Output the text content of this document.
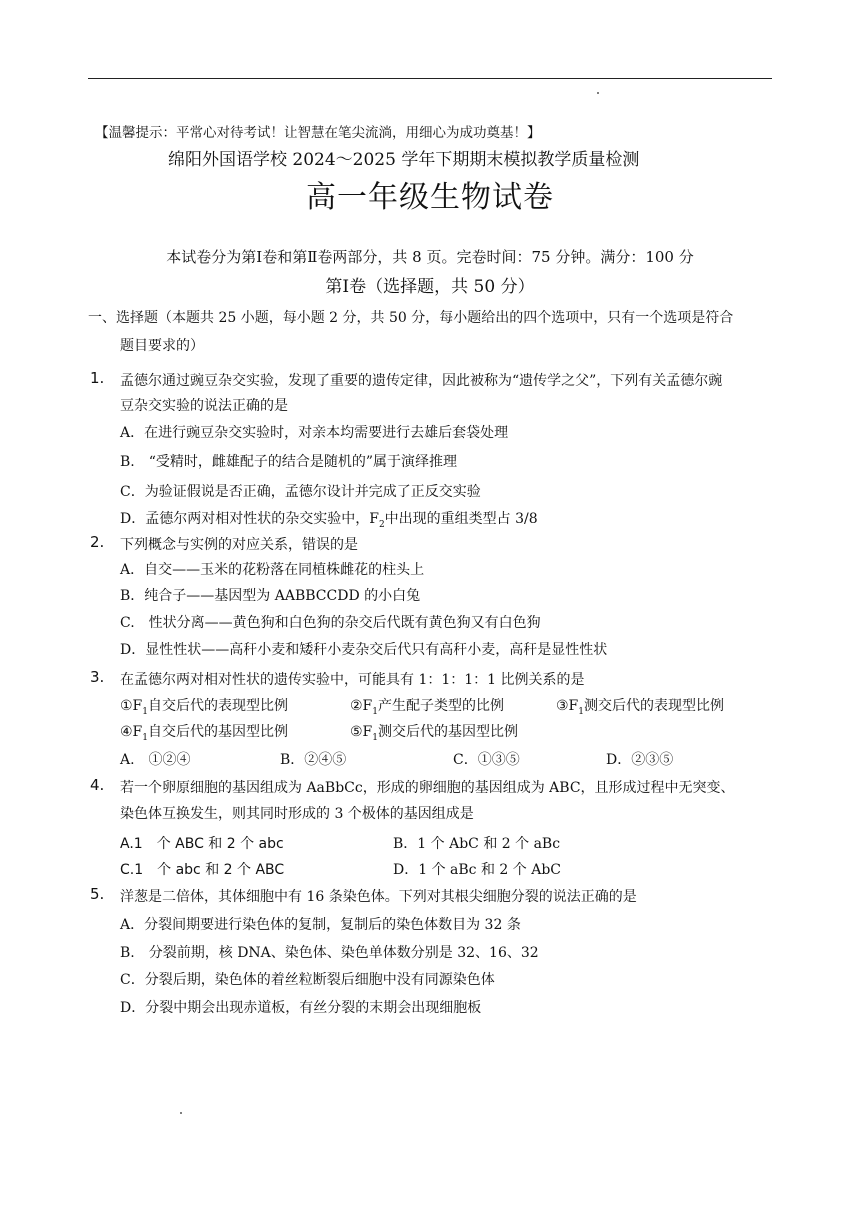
【温馨提示：平常心对待考试！让智慧在笔尖流淌，用细心为成功奠基！】
绵阳外国语学校 2024～2025 学年下期期末模拟教学质量检测
高一年级生物试卷
本试卷分为第Ⅰ卷和第Ⅱ卷两部分，共 8 页。完卷时间：75 分钟。满分：100 分
第Ⅰ卷（选择题，共 50 分）
一、选择题（本题共 25 小题，每小题 2 分，共 50 分，每小题给出的四个选项中，只有一个选项是符合
题目要求的）
1. 孟德尔通过豌豆杂交实验，发现了重要的遗传定律，因此被称为“遗传学之父”，下列有关孟德尔豌
豆杂交实验的说法正确的是
A．在进行豌豆杂交实验时，对亲本均需要进行去雄后套袋处理
B.　“受精时，雌雄配子的结合是随机的”属于演绎推理
C．为验证假说是否正确，孟德尔设计并完成了正反交实验
D．孟德尔两对相对性状的杂交实验中，$F_2$中出现的重组类型占 3/8
2. 下列概念与实例的对应关系，错误的是
A．自交——玉米的花粉落在同植株雌花的柱头上
B．纯合子——基因型为 AABBCCDD 的小白兔
C.　性状分离——黄色狗和白色狗的杂交后代既有黄色狗又有白色狗
D．显性性状——高秆小麦和矮秆小麦杂交后代只有高秆小麦，高秆是显性性状
3. 在孟德尔两对相对性状的遗传实验中，可能具有 1：1：1：1 比例关系的是
$①F_1$自交后代的表现型比例	$②F_1$产生配子类型的比例	$③F_1$测交后代的表现型比例
$④F_1$自交后代的基因型比例	$⑤F_1$测交后代的基因型比例
A.　①②④	B．②④⑤	C．①③⑤	D．②③⑤
4. 若一个卵原细胞的基因组成为 AaBbCc，形成的卵细胞的基因组成为 ABC，且形成过程中无突变、
染色体互换发生，则其同时形成的 3 个极体的基因组成是
A.1　个 ABC 和 2 个 abc	B．1 个 AbC 和 2 个 aBc
C.1　个 abc 和 2 个 ABC	D．1 个 aBc 和 2 个 AbC
5. 洋葱是二倍体，其体细胞中有 16 条染色体。下列对其根尖细胞分裂的说法正确的是
A．分裂间期要进行染色体的复制，复制后的染色体数目为 32 条
B.　分裂前期，核 DNA、染色体、染色单体数分别是 32、16、32
C．分裂后期，染色体的着丝粒断裂后细胞中没有同源染色体
D．分裂中期会出现赤道板，有丝分裂的末期会出现细胞板
